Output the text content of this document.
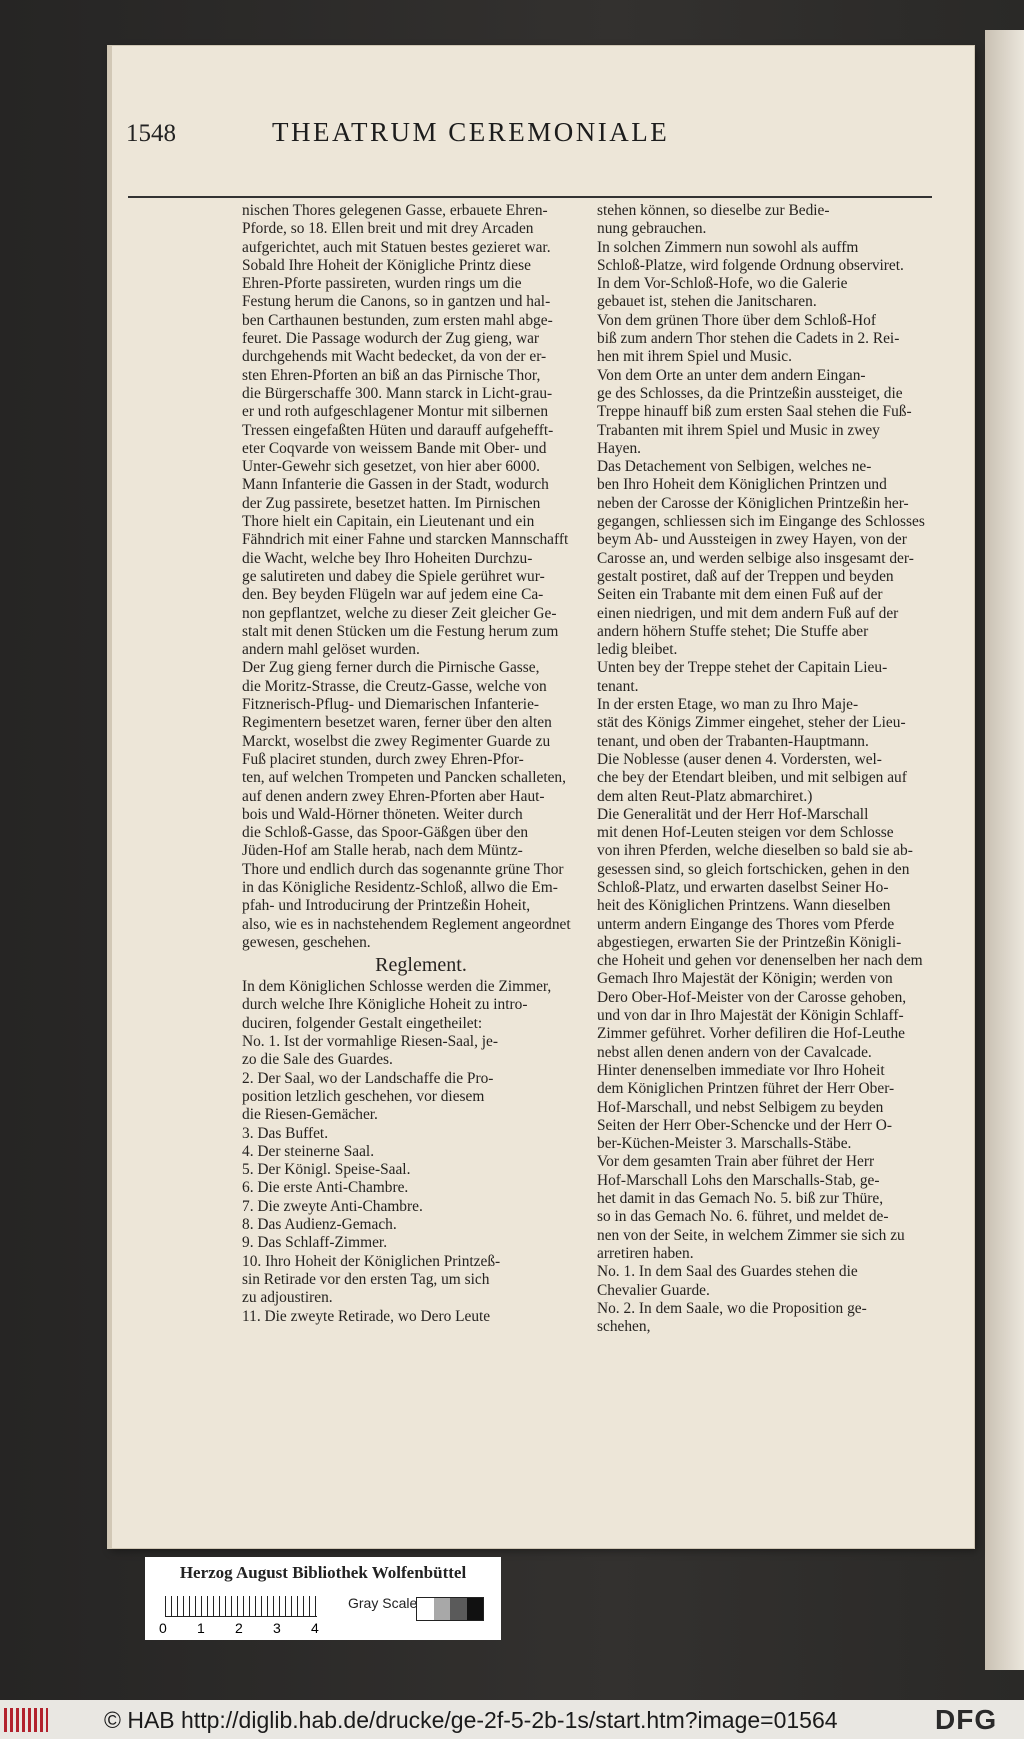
1548	THEATRUM CEREMONIALE
nischen Thores gelegenen Gasse, erbauete Ehren-
Pforde, so 18. Ellen breit und mit drey Arcaden
aufgerichtet, auch mit Statuen bestes gezieret war.
Sobald Ihre Hoheit der Königliche Printz diese
Ehren-Pforte passireten, wurden rings um die
Festung herum die Canons, so in gantzen und hal-
ben Carthaunen bestunden, zum ersten mahl abge-
feuret. Die Passage wodurch der Zug gieng, war
durchgehends mit Wacht bedecket, da von der er-
sten Ehren-Pforten an biß an das Pirnische Thor,
die Bürgerschaffe 300. Mann starck in Licht-grau-
er und roth aufgeschlagener Montur mit silbernen
Tressen eingefaßten Hüten und darauff aufgehefft-
eter Coqvarde von weissem Bande mit Ober- und
Unter-Gewehr sich gesetzet, von hier aber 6000.
Mann Infanterie die Gassen in der Stadt, wodurch
der Zug passirete, besetzet hatten. Im Pirnischen
Thore hielt ein Capitain, ein Lieutenant und ein
Fähndrich mit einer Fahne und starcken Mannschafft
die Wacht, welche bey Ihro Hoheiten Durchzu-
ge salutireten und dabey die Spiele gerühret wur-
den. Bey beyden Flügeln war auf jedem eine Ca-
non gepflantzet, welche zu dieser Zeit gleicher Ge-
stalt mit denen Stücken um die Festung herum zum
andern mahl gelöset wurden.
Der Zug gieng ferner durch die Pirnische Gasse,
die Moritz-Strasse, die Creutz-Gasse, welche von
Fitznerisch-Pflug- und Diemarischen Infanterie-
Regimentern besetzet waren, ferner über den alten
Marckt, woselbst die zwey Regimenter Guarde zu
Fuß placiret stunden, durch zwey Ehren-Pfor-
ten, auf welchen Trompeten und Pancken schalleten,
auf denen andern zwey Ehren-Pforten aber Haut-
bois und Wald-Hörner thöneten. Weiter durch
die Schloß-Gasse, das Spoor-Gäßgen über den
Jüden-Hof am Stalle herab, nach dem Müntz-
Thore und endlich durch das sogenannte grüne Thor
in das Königliche Residentz-Schloß, allwo die Em-
pfah- und Introducirung der Printzeßin Hoheit,
also, wie es in nachstehendem Reglement angeordnet
gewesen, geschehen.
Reglement.
In dem Königlichen Schlosse werden die Zimmer,
durch welche Ihre Königliche Hoheit zu intro-
duciren, folgender Gestalt eingetheilet:
No. 1. Ist der vormahlige Riesen-Saal, je-
zo die Sale des Guardes.
2. Der Saal, wo der Landschaffe die Pro-
position letzlich geschehen, vor diesem
die Riesen-Gemächer.
3. Das Buffet.
4. Der steinerne Saal.
5. Der Königl. Speise-Saal.
6. Die erste Anti-Chambre.
7. Die zweyte Anti-Chambre.
8. Das Audienz-Gemach.
9. Das Schlaff-Zimmer.
10. Ihro Hoheit der Königlichen Printzeß-
sin Retirade vor den ersten Tag, um sich
zu adjoustiren.
11. Die zweyte Retirade, wo Dero Leute
stehen können, so dieselbe zur Bedie-
nung gebrauchen.
In solchen Zimmern nun sowohl als auffm
Schloß-Platze, wird folgende Ordnung observiret.
In dem Vor-Schloß-Hofe, wo die Galerie
gebauet ist, stehen die Janitscharen.
Von dem grünen Thore über dem Schloß-Hof
biß zum andern Thor stehen die Cadets in 2. Rei-
hen mit ihrem Spiel und Music.
Von dem Orte an unter dem andern Eingan-
ge des Schlosses, da die Printzeßin aussteiget, die
Treppe hinauff biß zum ersten Saal stehen die Fuß-
Trabanten mit ihrem Spiel und Music in zwey
Hayen.
Das Detachement von Selbigen, welches ne-
ben Ihro Hoheit dem Königlichen Printzen und
neben der Carosse der Königlichen Printzeßin her-
gegangen, schliessen sich im Eingange des Schlosses
beym Ab- und Aussteigen in zwey Hayen, von der
Carosse an, und werden selbige also insgesamt der-
gestalt postiret, daß auf der Treppen und beyden
Seiten ein Trabante mit dem einen Fuß auf der
einen niedrigen, und mit dem andern Fuß auf der
andern höhern Stuffe stehet; Die Stuffe aber
ledig bleibet.
Unten bey der Treppe stehet der Capitain Lieu-
tenant.
In der ersten Etage, wo man zu Ihro Maje-
stät des Königs Zimmer eingehet, steher der Lieu-
tenant, und oben der Trabanten-Hauptmann.
Die Noblesse (auser denen 4. Vordersten, wel-
che bey der Etendart bleiben, und mit selbigen auf
dem alten Reut-Platz abmarchiret.)
Die Generalität und der Herr Hof-Marschall
mit denen Hof-Leuten steigen vor dem Schlosse
von ihren Pferden, welche dieselben so bald sie ab-
gesessen sind, so gleich fortschicken, gehen in den
Schloß-Platz, und erwarten daselbst Seiner Ho-
heit des Königlichen Printzens. Wann dieselben
unterm andern Eingange des Thores vom Pferde
abgestiegen, erwarten Sie der Printzeßin Königli-
che Hoheit und gehen vor denenselben her nach dem
Gemach Ihro Majestät der Königin; werden von
Dero Ober-Hof-Meister von der Carosse gehoben,
und von dar in Ihro Majestät der Königin Schlaff-
Zimmer geführet. Vorher defiliren die Hof-Leuthe
nebst allen denen andern von der Cavalcade.
Hinter denenselben immediate vor Ihro Hoheit
dem Königlichen Printzen führet der Herr Ober-
Hof-Marschall, und nebst Selbigem zu beyden
Seiten der Herr Ober-Schencke und der Herr O-
ber-Küchen-Meister 3. Marschalls-Stäbe.
Vor dem gesamten Train aber führet der Herr
Hof-Marschall Lohs den Marschalls-Stab, ge-
het damit in das Gemach No. 5. biß zur Thüre,
so in das Gemach No. 6. führet, und meldet de-
nen von der Seite, in welchem Zimmer sie sich zu
arretiren haben.
No. 1. In dem Saal des Guardes stehen die
Chevalier Guarde.
No. 2. In dem Saale, wo die Proposition ge-
schehen,
Herzog August Bibliothek Wolfenbüttel
0 1 2 3 4
Gray Scale
© HAB http://diglib.hab.de/drucke/ge-2f-5-2b-1s/start.htm?image=01564	DFG
